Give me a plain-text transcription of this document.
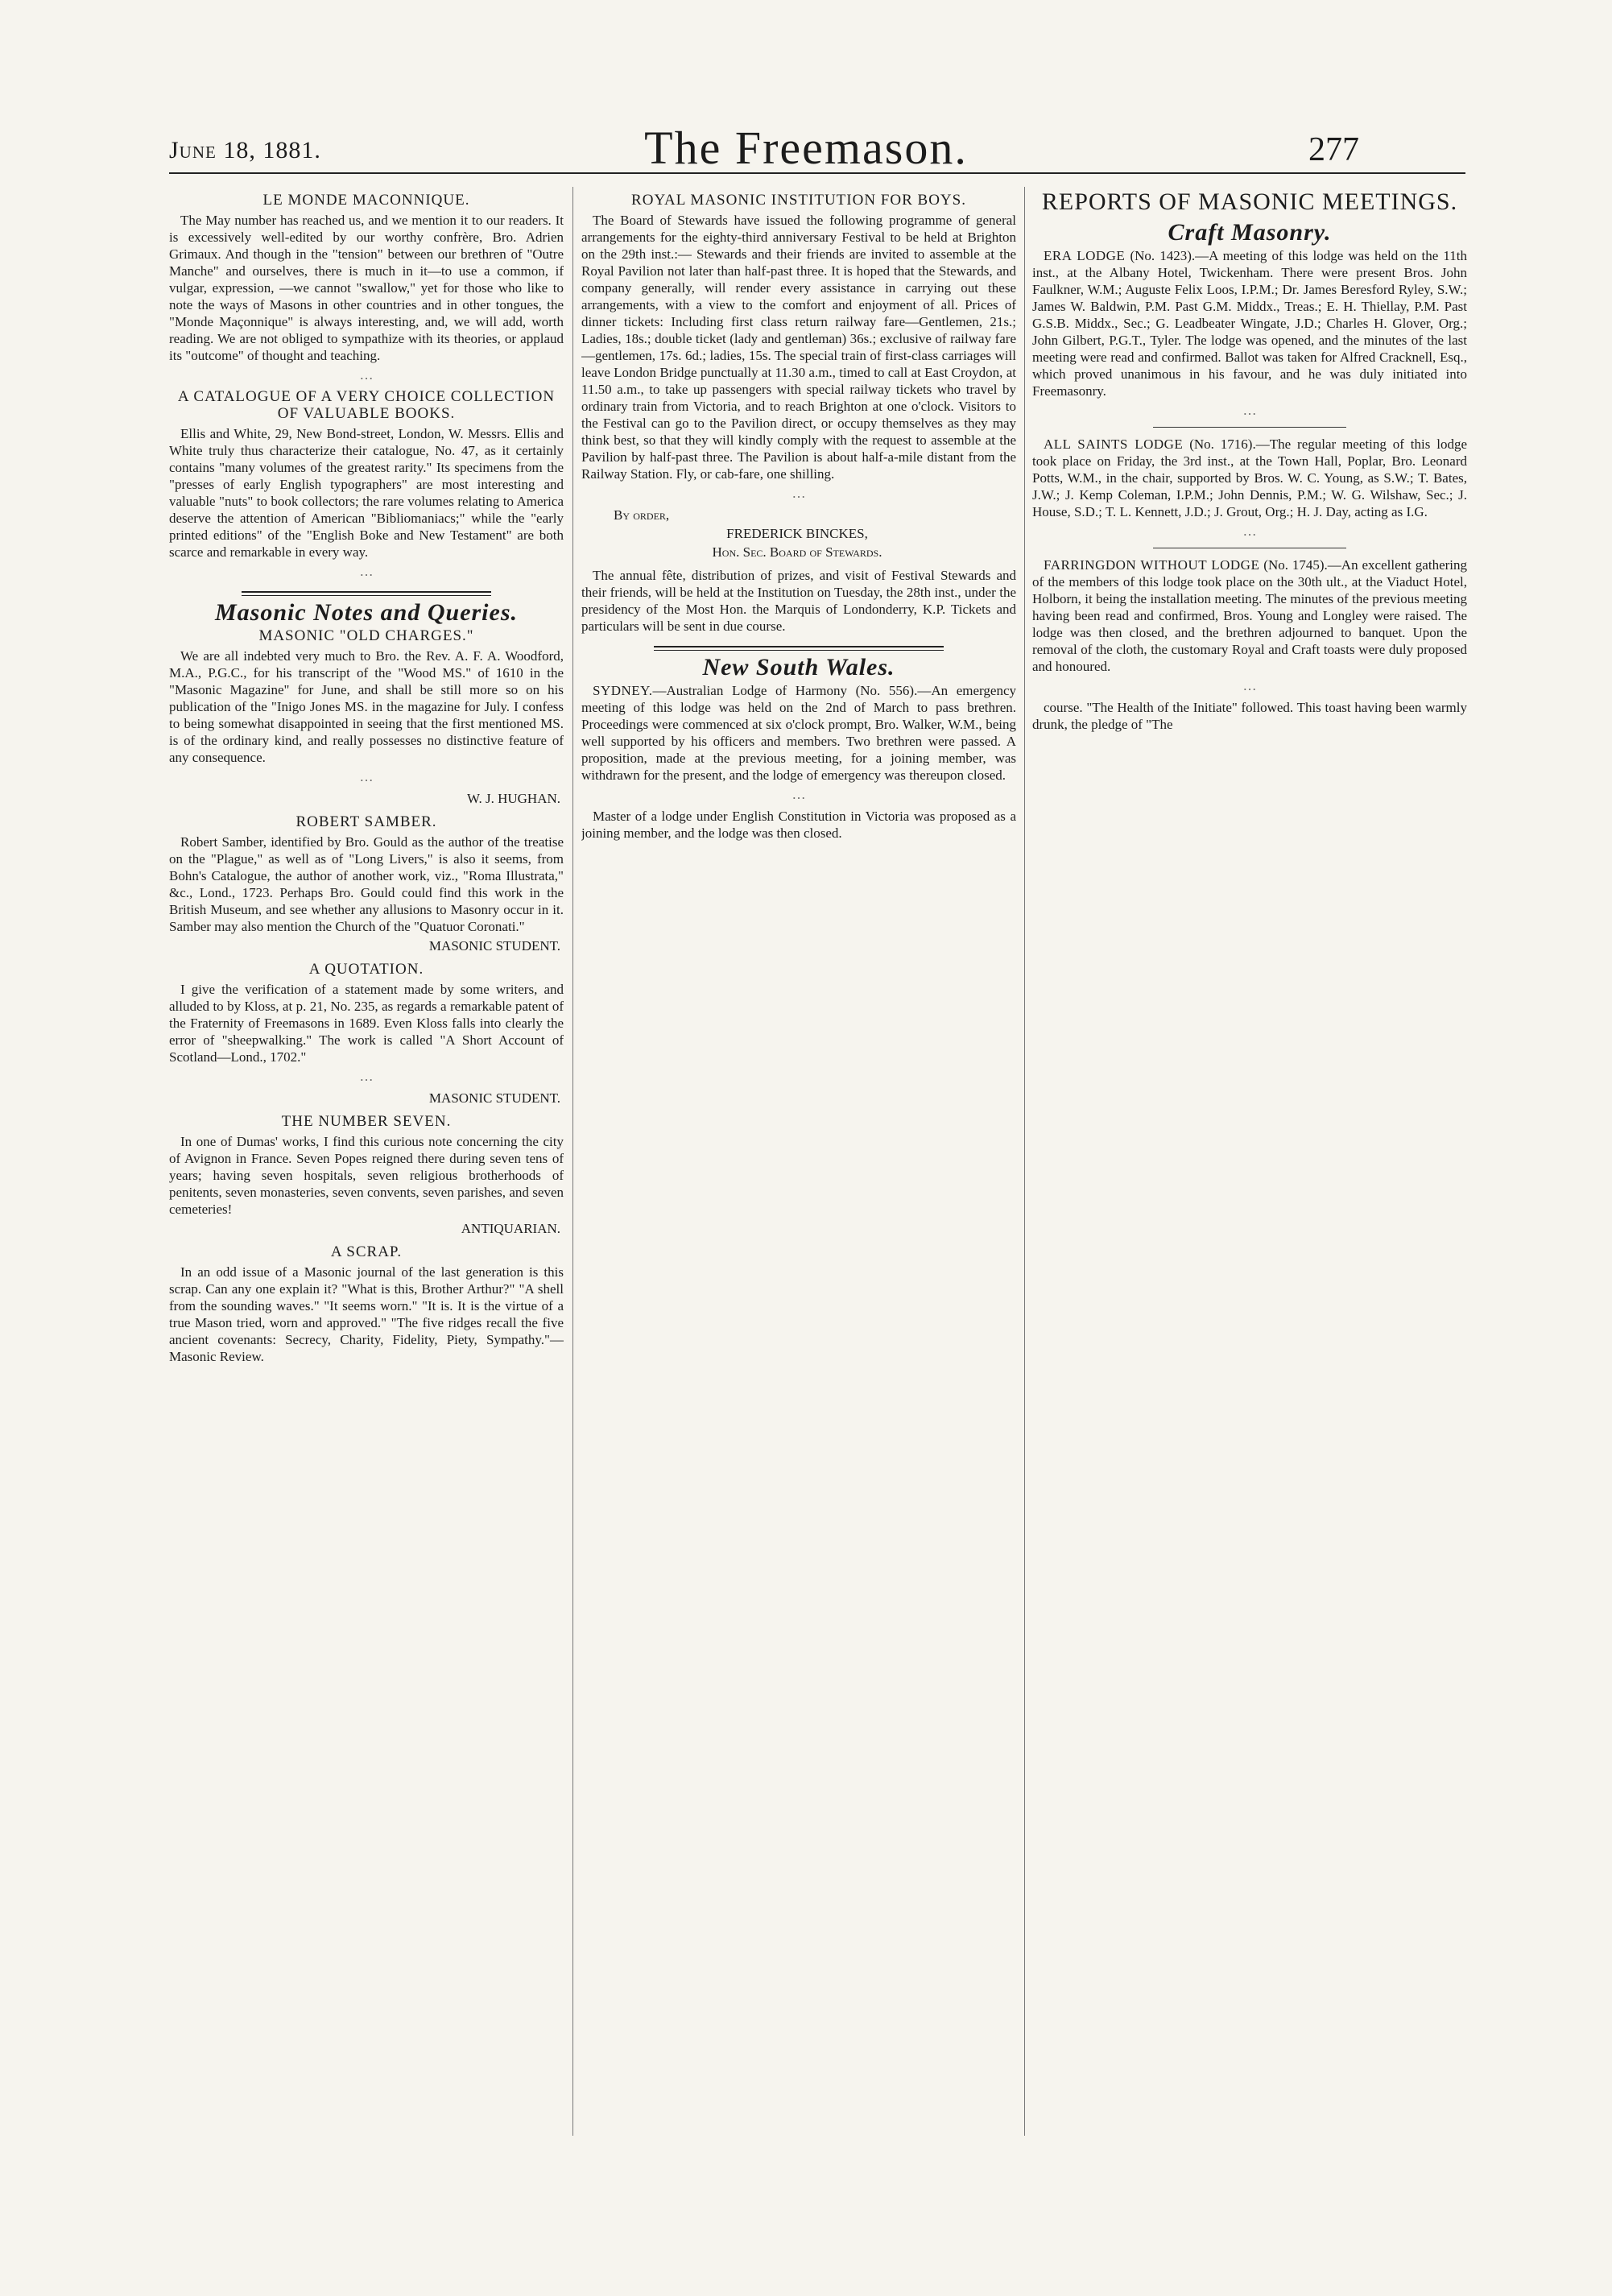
The Freemason.
June 18, 1881.	277
LE MONDE MACONNIQUE.

The May number has reached us, and we mention it to our readers. It is excessively well-edited by our worthy confrère, Bro. Adrien Grimaux. And though in the "tension" between our brethren of "Outre Manche" and ourselves, there is much in it—to use a common, if vulgar, expression, —we cannot "swallow," yet for those who like to note the ways of Masons in other countries and in other tongues, the "Monde Maçonnique" is always interesting, and, we will add, worth reading. We are not obliged to sympathize with its theories, or applaud its "outcome" of thought and teaching.

…
A CATALOGUE OF A VERY CHOICE COLLECTION OF VALUABLE BOOKS.

Ellis and White, 29, New Bond-street, London, W. Messrs. Ellis and White truly thus characterize their catalogue, No. 47, as it certainly contains "many volumes of the greatest rarity." Its specimens from the "presses of early English typographers" are most interesting and valuable "nuts" to book collectors; the rare volumes relating to America deserve the attention of American "Bibliomaniacs;" while the "early printed editions" of the "English Boke and New Testament" are both scarce and remarkable in every way.

…
Masonic Notes and Queries.
MASONIC "OLD CHARGES."

We are all indebted very much to Bro. the Rev. A. F. A. Woodford, M.A., P.G.C., for his transcript of the "Wood MS." of 1610 in the "Masonic Magazine" for June, and shall be still more so on his publication of the "Inigo Jones MS. in the magazine for July. I confess to being somewhat disappointed in seeing that the first mentioned MS. is of the ordinary kind, and really possesses no distinctive feature of any consequence.

…
W. J. HUGHAN.
ROBERT SAMBER.

Robert Samber, identified by Bro. Gould as the author of the treatise on the "Plague," as well as of "Long Livers," is also it seems, from Bohn's Catalogue, the author of another work, viz., "Roma Illustrata," &c., Lond., 1723. Perhaps Bro. Gould could find this work in the British Museum, and see whether any allusions to Masonry occur in it. Samber may also mention the Church of the "Quatuor Coronati."

MASONIC STUDENT.
A QUOTATION.

I give the verification of a statement made by some writers, and alluded to by Kloss, at p. 21, No. 235, as regards a remarkable patent of the Fraternity of Freemasons in 1689. Even Kloss falls into clearly the error of "sheepwalking." The work is called "A Short Account of Scotland—Lond., 1702."

…
MASONIC STUDENT.
THE NUMBER SEVEN.

In one of Dumas' works, I find this curious note concerning the city of Avignon in France. Seven Popes reigned there during seven tens of years; having seven hospitals, seven religious brotherhoods of penitents, seven monasteries, seven convents, seven parishes, and seven cemeteries!

ANTIQUARIAN.
A SCRAP.

In an odd issue of a Masonic journal of the last generation is this scrap. Can any one explain it? "What is this, Brother Arthur?" "A shell from the sounding waves." "It seems worn." "It is. It is the virtue of a true Mason tried, worn and approved." "The five ridges recall the five ancient covenants: Secrecy, Charity, Fidelity, Piety, Sympathy."—Masonic Review.

ROYAL MASONIC INSTITUTION FOR BOYS.

The Board of Stewards have issued the following programme of general arrangements for the eighty-third anniversary Festival to be held at Brighton on the 29th inst.:— Stewards and their friends are invited to assemble at the Royal Pavilion not later than half-past three. It is hoped that the Stewards, and company generally, will render every assistance in carrying out these arrangements, with a view to the comfort and enjoyment of all. Prices of dinner tickets: Including first class return railway fare—Gentlemen, 21s.; Ladies, 18s.; double ticket (lady and gentleman) 36s.; exclusive of railway fare—gentlemen, 17s. 6d.; ladies, 15s. The special train of first-class carriages will leave London Bridge punctually at 11.30 a.m., timed to call at East Croydon, at 11.50 a.m., to take up passengers with special railway tickets who travel by ordinary train from Victoria, and to reach Brighton at one o'clock. Visitors to the Festival can go to the Pavilion direct, or occupy themselves as they may think best, so that they will kindly comply with the request to assemble at the Pavilion by half-past three. The Pavilion is about half-a-mile distant from the Railway Station. Fly, or cab-fare, one shilling.

…
By order,
FREDERICK BINCKES,
Hon. Sec. Board of Stewards.

The annual fête, distribution of prizes, and visit of Festival Stewards and their friends, will be held at the Institution on Tuesday, the 28th inst., under the presidency of the Most Hon. the Marquis of Londonderry, K.P. Tickets and particulars will be sent in due course.

New South Wales.

SYDNEY.—Australian Lodge of Harmony (No. 556).—An emergency meeting of this lodge was held on the 2nd of March to pass brethren. Proceedings were commenced at six o'clock prompt, Bro. Walker, W.M., being well supported by his officers and members. Two brethren were passed. A proposition, made at the previous meeting, for a joining member, was withdrawn for the present, and the lodge of emergency was thereupon closed.

…

Master of a lodge under English Constitution in Victoria was proposed as a joining member, and the lodge was then closed.

REPORTS OF MASONIC MEETINGS.
Craft Masonry.

ERA LODGE (No. 1423).—A meeting of this lodge was held on the 11th inst., at the Albany Hotel, Twickenham. There were present Bros. John Faulkner, W.M.; Auguste Felix Loos, I.P.M.; Dr. James Beresford Ryley, S.W.; James W. Baldwin, P.M. Past G.M. Middx., Treas.; E. H. Thiellay, P.M. Past G.S.B. Middx., Sec.; G. Leadbeater Wingate, J.D.; Charles H. Glover, Org.; John Gilbert, P.G.T., Tyler. The lodge was opened, and the minutes of the last meeting were read and confirmed. Ballot was taken for Alfred Cracknell, Esq., which proved unanimous in his favour, and he was duly initiated into Freemasonry.

…

ALL SAINTS LODGE (No. 1716).—The regular meeting of this lodge took place on Friday, the 3rd inst., at the Town Hall, Poplar, Bro. Leonard Potts, W.M., in the chair, supported by Bros. W. C. Young, as S.W.; T. Bates, J.W.; J. Kemp Coleman, I.P.M.; John Dennis, P.M.; W. G. Wilshaw, Sec.; J. House, S.D.; T. L. Kennett, J.D.; J. Grout, Org.; H. J. Day, acting as I.G.

…

FARRINGDON WITHOUT LODGE (No. 1745).—An excellent gathering of the members of this lodge took place on the 30th ult., at the Viaduct Hotel, Holborn, it being the installation meeting. The minutes of the previous meeting having been read and confirmed, Bros. Young and Longley were raised. The lodge was then closed, and the brethren adjourned to banquet. Upon the removal of the cloth, the customary Royal and Craft toasts were duly proposed and honoured.

…

course. "The Health of the Initiate" followed. This toast having been warmly drunk, the pledge of "The
